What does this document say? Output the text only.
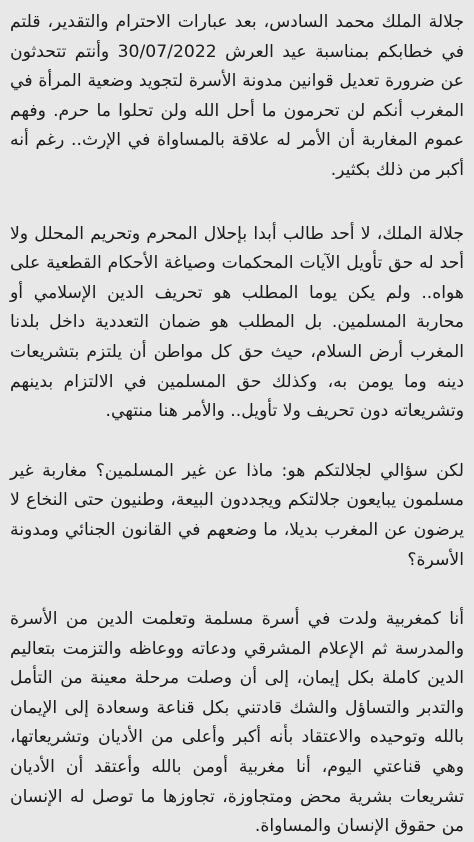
جلالة الملك محمد السادس، بعد عبارات الاحترام والتقدير، قلتم في خطابكم بمناسبة عيد العرش 30/07/2022 وأنتم تتحدثون عن ضرورة تعديل قوانين مدونة الأسرة لتجويد وضعية المرأة في المغرب أنكم لن تحرمون ما أحل الله ولن تحلوا ما حرم. وفهم عموم المغاربة أن الأمر له علاقة بالمساواة في الإرث.. رغم أنه أكبر من ذلك بكثير.

جلالة الملك، لا أحد طالب أبدا بإحلال المحرم وتحريم المحلل ولا أحد له حق تأويل الآيات المحكمات وصياغة الأحكام القطعية على هواه.. ولم يكن يوما المطلب هو تحريف الدين الإسلامي أو محاربة المسلمين. بل المطلب هو ضمان التعددية داخل بلدنا المغرب أرض السلام، حيث حق كل مواطن أن يلتزم بتشريعات دينه وما يومن به، وكذلك حق المسلمين في الالتزام بدينهم وتشريعاته دون تحريف ولا تأويل.. والأمر هنا منتهي.

لكن سؤالي لجلالتكم هو: ماذا عن غير المسلمين؟ مغاربة غير مسلمون يبايعون جلالتكم ويجددون البيعة، وطنيون حتى النخاع لا يرضون عن المغرب بديلا، ما وضعهم في القانون الجنائي ومدونة الأسرة؟

أنا كمغربية ولدت في أسرة مسلمة وتعلمت الدين من الأسرة والمدرسة ثم الإعلام المشرقي ودعاته ووعاظه والتزمت بتعاليم الدين كاملة بكل إيمان، إلى أن وصلت مرحلة معينة من التأمل والتدبر والتساؤل والشك قادتني بكل قناعة وسعادة إلى الإيمان بالله وتوحيده والاعتقاد بأنه أكبر وأعلى من الأديان وتشريعاتها، وهي قناعتي اليوم، أنا مغربية أومن بالله وأعتقد أن الأديان تشريعات بشرية محض ومتجاوزة، تجاوزها ما توصل له الإنسان من حقوق الإنسان والمساواة.
